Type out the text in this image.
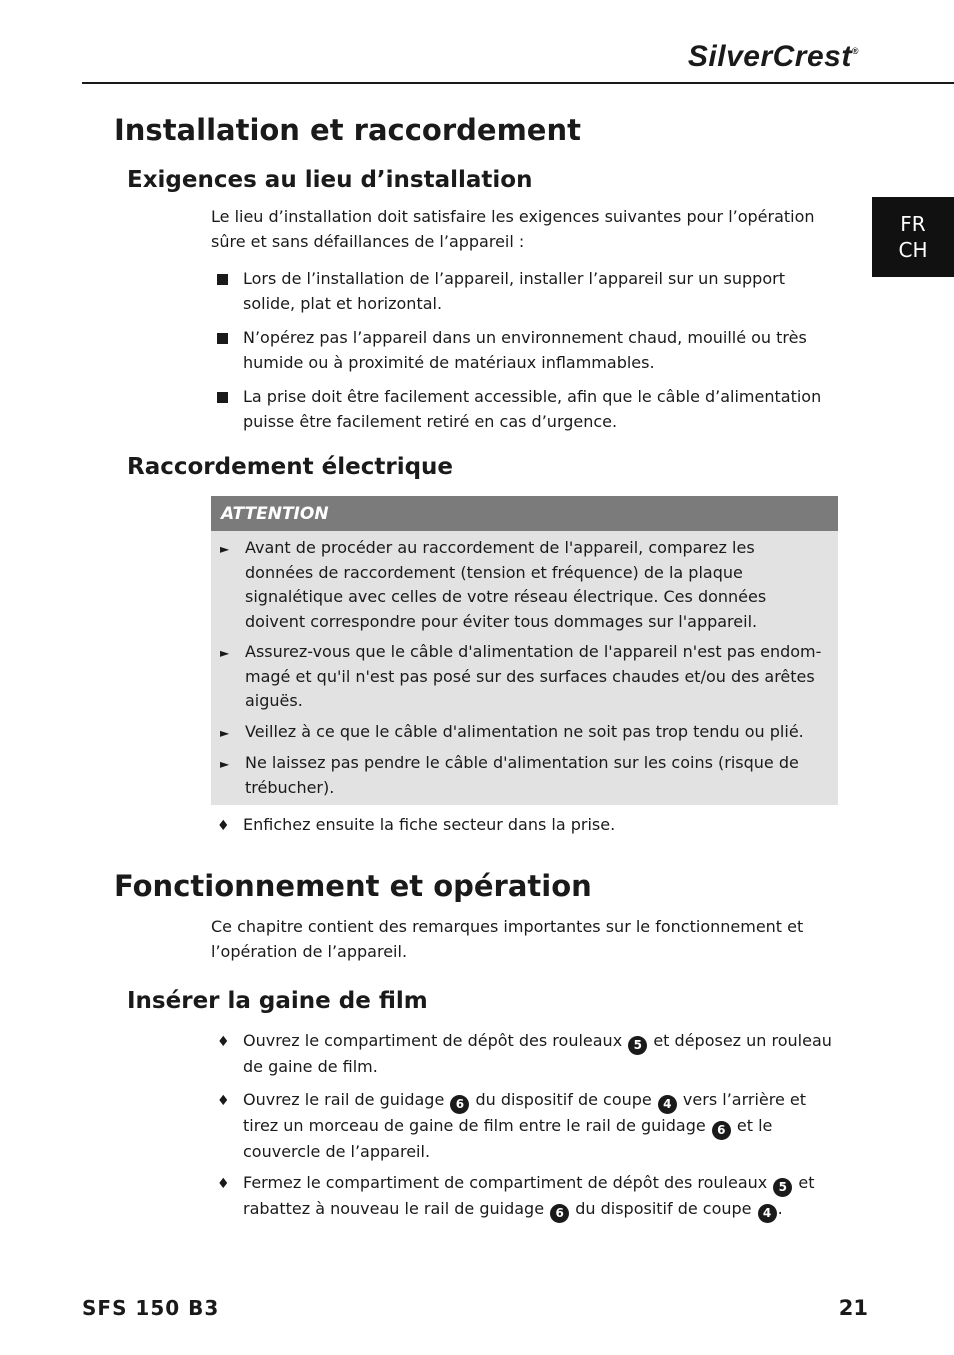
SilverCrest®
FR
CH
Installation et raccordement
Exigences au lieu d’installation

Le lieu d’installation doit satisfaire les exigences suivantes pour l’opération sûre et sans défaillances de l’appareil :

Lors de l’installation de l’appareil, installer l’appareil sur un support solide, plat et horizontal.
N’opérez pas l’appareil dans un environnement chaud, mouillé ou très humide ou à proximité de matériaux inflammables.
La prise doit être facilement accessible, afin que le câble d’alimentation puisse être facilement retiré en cas d’urgence.
Raccordement électrique
ATTENTION
► Avant de procéder au raccordement de l'appareil, comparez les données de raccordement (tension et fréquence) de la plaque signalétique avec celles de votre réseau électrique. Ces données doivent correspondre pour éviter tous dommages sur l'appareil.
► Assurez-vous que le câble d'alimentation de l'appareil n'est pas endommagé et qu'il n'est pas posé sur des surfaces chaudes et/ou des arêtes aiguës.
► Veillez à ce que le câble d'alimentation ne soit pas trop tendu ou plié.
► Ne laissez pas pendre le câble d'alimentation sur les coins (risque de trébucher).
♦ Enfichez ensuite la fiche secteur dans la prise.
Fonctionnement et opération

Ce chapitre contient des remarques importantes sur le fonctionnement et l’opération de l’appareil.

Insérer la gaine de film
♦ Ouvrez le compartiment de dépôt des rouleaux 5 et déposez un rouleau de gaine de film.
♦ Ouvrez le rail de guidage 6 du dispositif de coupe 4 vers l’arrière et tirez un morceau de gaine de film entre le rail de guidage 6 et le couvercle de l’appareil.
♦ Fermez le compartiment de compartiment de dépôt des rouleaux 5 et rabattez à nouveau le rail de guidage 6 du dispositif de coupe 4 .
SFS 150 B3	21
